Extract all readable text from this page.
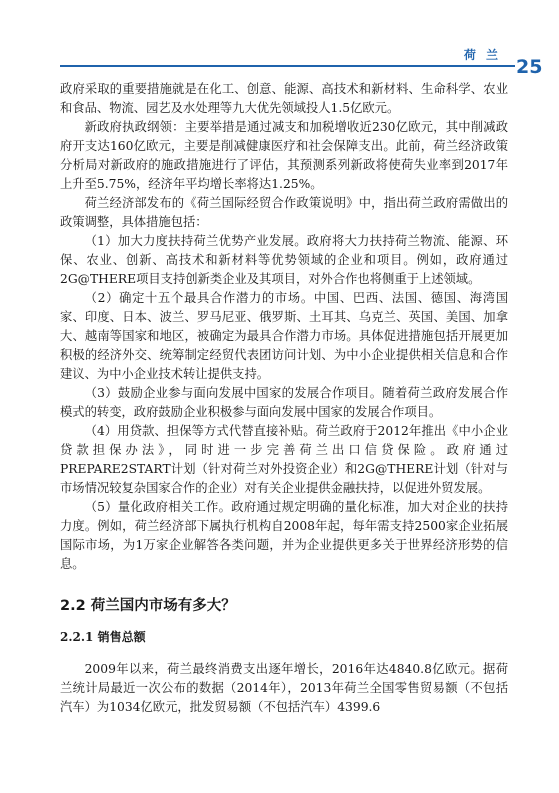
荷 兰
25

政府采取的重要措施就是在化工、创意、能源、高技术和新材料、生命科学、农业和食品、物流、园艺及水处理等九大优先领域投人1.5亿欧元。

新政府执政纲领：主要举措是通过减支和加税增收近230亿欧元，其中削减政府开支达160亿欧元，主要是削减健康医疗和社会保障支出。此前，荷兰经济政策分析局对新政府的施政措施进行了评估，其预测系列新政将使荷失业率到2017年上升至5.75%，经济年平均增长率将达1.25%。

荷兰经济部发布的《荷兰国际经贸合作政策说明》中，指出荷兰政府需做出的政策调整，具体措施包括：

（1）加大力度扶持荷兰优势产业发展。政府将大力扶持荷兰物流、能源、环保、农业、创新、高技术和新材料等优势领域的企业和项目。例如，政府通过2G@THERE项目支持创新类企业及其项目，对外合作也将侧重于上述领域。

（2）确定十五个最具合作潜力的市场。中国、巴西、法国、德国、海湾国家、印度、日本、波兰、罗马尼亚、俄罗斯、土耳其、乌克兰、英国、美国、加拿大、越南等国家和地区，被确定为最具合作潜力市场。具体促进措施包括开展更加积极的经济外交、统筹制定经贸代表团访问计划、为中小企业提供相关信息和合作建议、为中小企业技术转让提供支持。

（3）鼓励企业参与面向发展中国家的发展合作项目。随着荷兰政府发展合作模式的转变，政府鼓励企业积极参与面向发展中国家的发展合作项目。

（4）用贷款、担保等方式代替直接补贴。荷兰政府于2012年推出《中小企业贷款担保办法》，同时进一步完善荷兰出口信贷保险。政府通过PREPARE2START计划（针对荷兰对外投资企业）和2G@THERE计划（针对与市场情况较复杂国家合作的企业）对有关企业提供金融扶持，以促进外贸发展。

（5）量化政府相关工作。政府通过规定明确的量化标准，加大对企业的扶持力度。例如，荷兰经济部下属执行机构自2008年起，每年需支持2500家企业拓展国际市场，为1万家企业解答各类问题，并为企业提供更多关于世界经济形势的信息。

2.2 荷兰国内市场有多大？
2.2.1 销售总额

2009年以来，荷兰最终消费支出逐年增长，2016年达4840.8亿欧元。据荷兰统计局最近一次公布的数据（2014年），2013年荷兰全国零售贸易额（不包括汽车）为1034亿欧元，批发贸易额（不包括汽车）4399.6
